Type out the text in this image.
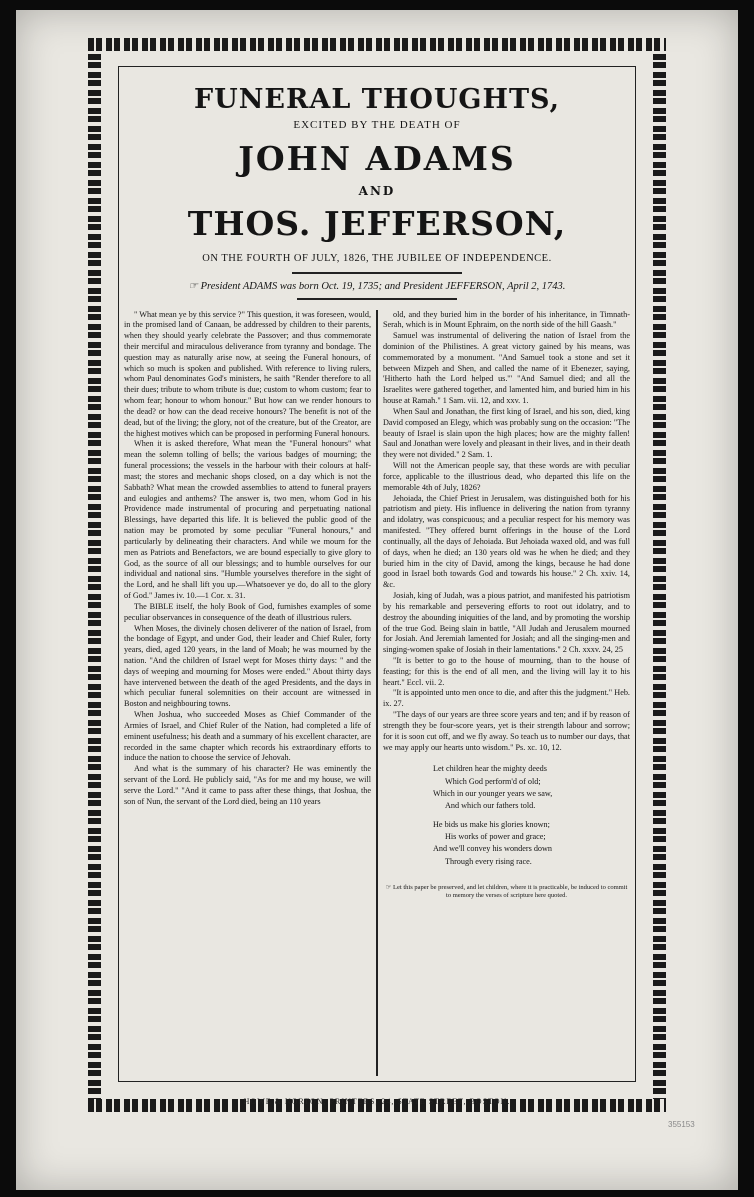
FUNERAL THOUGHTS,
EXCITED BY THE DEATH OF
JOHN ADAMS
AND
THOS. JEFFERSON,
ON THE FOURTH OF JULY, 1826, THE JUBILEE OF INDEPENDENCE.
☞ President ADAMS was born Oct. 19, 1735; and President JEFFERSON, April 2, 1743.

" What mean ye by this service ?" This question, it was foreseen, would, in the promised land of Canaan, be addressed by children to their parents, when they should yearly celebrate the Passover; and thus commemorate their merciful and miraculous deliverance from tyranny and bondage. The question may as naturally arise now, at seeing the Funeral honours, of which so much is spoken and published. With reference to living rulers, whom Paul denominates God's ministers, he saith "Render therefore to all their dues; tribute to whom tribute is due; custom to whom custom; fear to whom fear; honour to whom honour." But how can we render honours to the dead? or how can the dead receive honours? The benefit is not of the dead, but of the living; the glory, not of the creature, but of the Creator, are the highest motives which can be proposed in performing Funeral honours.

When it is asked therefore, What mean the "Funeral honours" what mean the solemn tolling of bells; the various badges of mourning; the funeral processions; the vessels in the harbour with their colours at half-mast; the stores and mechanic shops closed, on a day which is not the Sabbath? What mean the crowded assemblies to attend to funeral prayers and eulogies and anthems? The answer is, two men, whom God in his Providence made instrumental of procuring and perpetuating national Blessings, have departed this life. It is believed the public good of the nation may be promoted by some peculiar "Funeral honours," and particularly by delineating their characters. And while we mourn for the men as Patriots and Benefactors, we are bound especially to give glory to God, as the source of all our blessings; and to humble ourselves for our individual and national sins. "Humble yourselves therefore in the sight of the Lord, and he shall lift you up.—Whatsoever ye do, do all to the glory of God." James iv. 10.—1 Cor. x. 31.

The BIBLE itself, the holy Book of God, furnishes examples of some peculiar observances in consequence of the death of illustrious rulers.

When Moses, the divinely chosen deliverer of the nation of Israel, from the bondage of Egypt, and under God, their leader and Chief Ruler, forty years, died, aged 120 years, in the land of Moab; he was mourned by the nation. "And the children of Israel wept for Moses thirty days: " and the days of weeping and mourning for Moses were ended." About thirty days have intervened between the death of the aged Presidents, and the days in which peculiar funeral solemnities on their account are witnessed in Boston and neighbouring towns.

When Joshua, who succeeded Moses as Chief Commander of the Armies of Israel, and Chief Ruler of the Nation, had completed a life of eminent usefulness; his death and a summary of his excellent character, are recorded in the same chapter which records his extraordinary efforts to induce the nation to choose the service of Jehovah.

And what is the summary of his character? He was eminently the servant of the Lord. He publicly said, "As for me and my house, we will serve the Lord." "And it came to pass after these things, that Joshua, the son of Nun, the servant of the Lord died, being an 110 years

old, and they buried him in the border of his inheritance, in Timnath-Serah, which is in Mount Ephraim, on the north side of the hill Gaash."

Samuel was instrumental of delivering the nation of Israel from the dominion of the Philistines. A great victory gained by his means, was commemorated by a monument. "And Samuel took a stone and set it between Mizpeh and Shen, and called the name of it Ebenezer, saying, 'Hitherto hath the Lord helped us.'" "And Samuel died; and all the Israelites were gathered together, and lamented him, and buried him in his house at Ramah." 1 Sam. vii. 12, and xxv. 1.

When Saul and Jonathan, the first king of Israel, and his son, died, king David composed an Elegy, which was probably sung on the occasion: "The beauty of Israel is slain upon the high places; how are the mighty fallen! Saul and Jonathan were lovely and pleasant in their lives, and in their death they were not divided." 2 Sam. 1.

Will not the American people say, that these words are with peculiar force, applicable to the illustrious dead, who departed this life on the memorable 4th of July, 1826?

Jehoiada, the Chief Priest in Jerusalem, was distinguished both for his patriotism and piety. His influence in delivering the nation from tyranny and idolatry, was conspicuous; and a peculiar respect for his memory was manifested. "They offered burnt offerings in the house of the Lord continually, all the days of Jehoiada. But Jehoiada waxed old, and was full of days, when he died; an 130 years old was he when he died; and they buried him in the city of David, among the kings, because he had done good in Israel both towards God and towards his house." 2 Ch. xxiv. 14, &c.

Josiah, king of Judah, was a pious patriot, and manifested his patriotism by his remarkable and persevering efforts to root out idolatry, and to destroy the abounding iniquities of the land, and by promoting the worship of the true God. Being slain in battle, "All Judah and Jerusalem mourned for Josiah. And Jeremiah lamented for Josiah; and all the singing-men and singing-women spake of Josiah in their lamentations." 2 Ch. xxxv. 24, 25

"It is better to go to the house of mourning, than to the house of feasting; for this is the end of all men, and the living will lay it to his heart." Eccl. vii. 2.

"It is appointed unto men once to die, and after this the judgment." Heb. ix. 27.

"The days of our years are three score years and ten; and if by reason of strength they be four-score years, yet is their strength labour and sorrow; for it is soon cut off, and we fly away. So teach us to number our days, that we may apply our hearts unto wisdom." Ps. xc. 10, 12.

Let children hear the mighty deeds
Which God perform'd of old;
Which in our younger years we saw,
And which our fathers told.
He bids us make his glories known;
His works of power and grace;
And we'll convey his wonders down
Through every rising race.
☞ Let this paper be preserved, and let children, where it is practicable, be induced to commit to memory the verses of scripture here quoted.
HOWE & NORTON, PRINTERS, 24, STATE STREET, BOSTON.
355153
